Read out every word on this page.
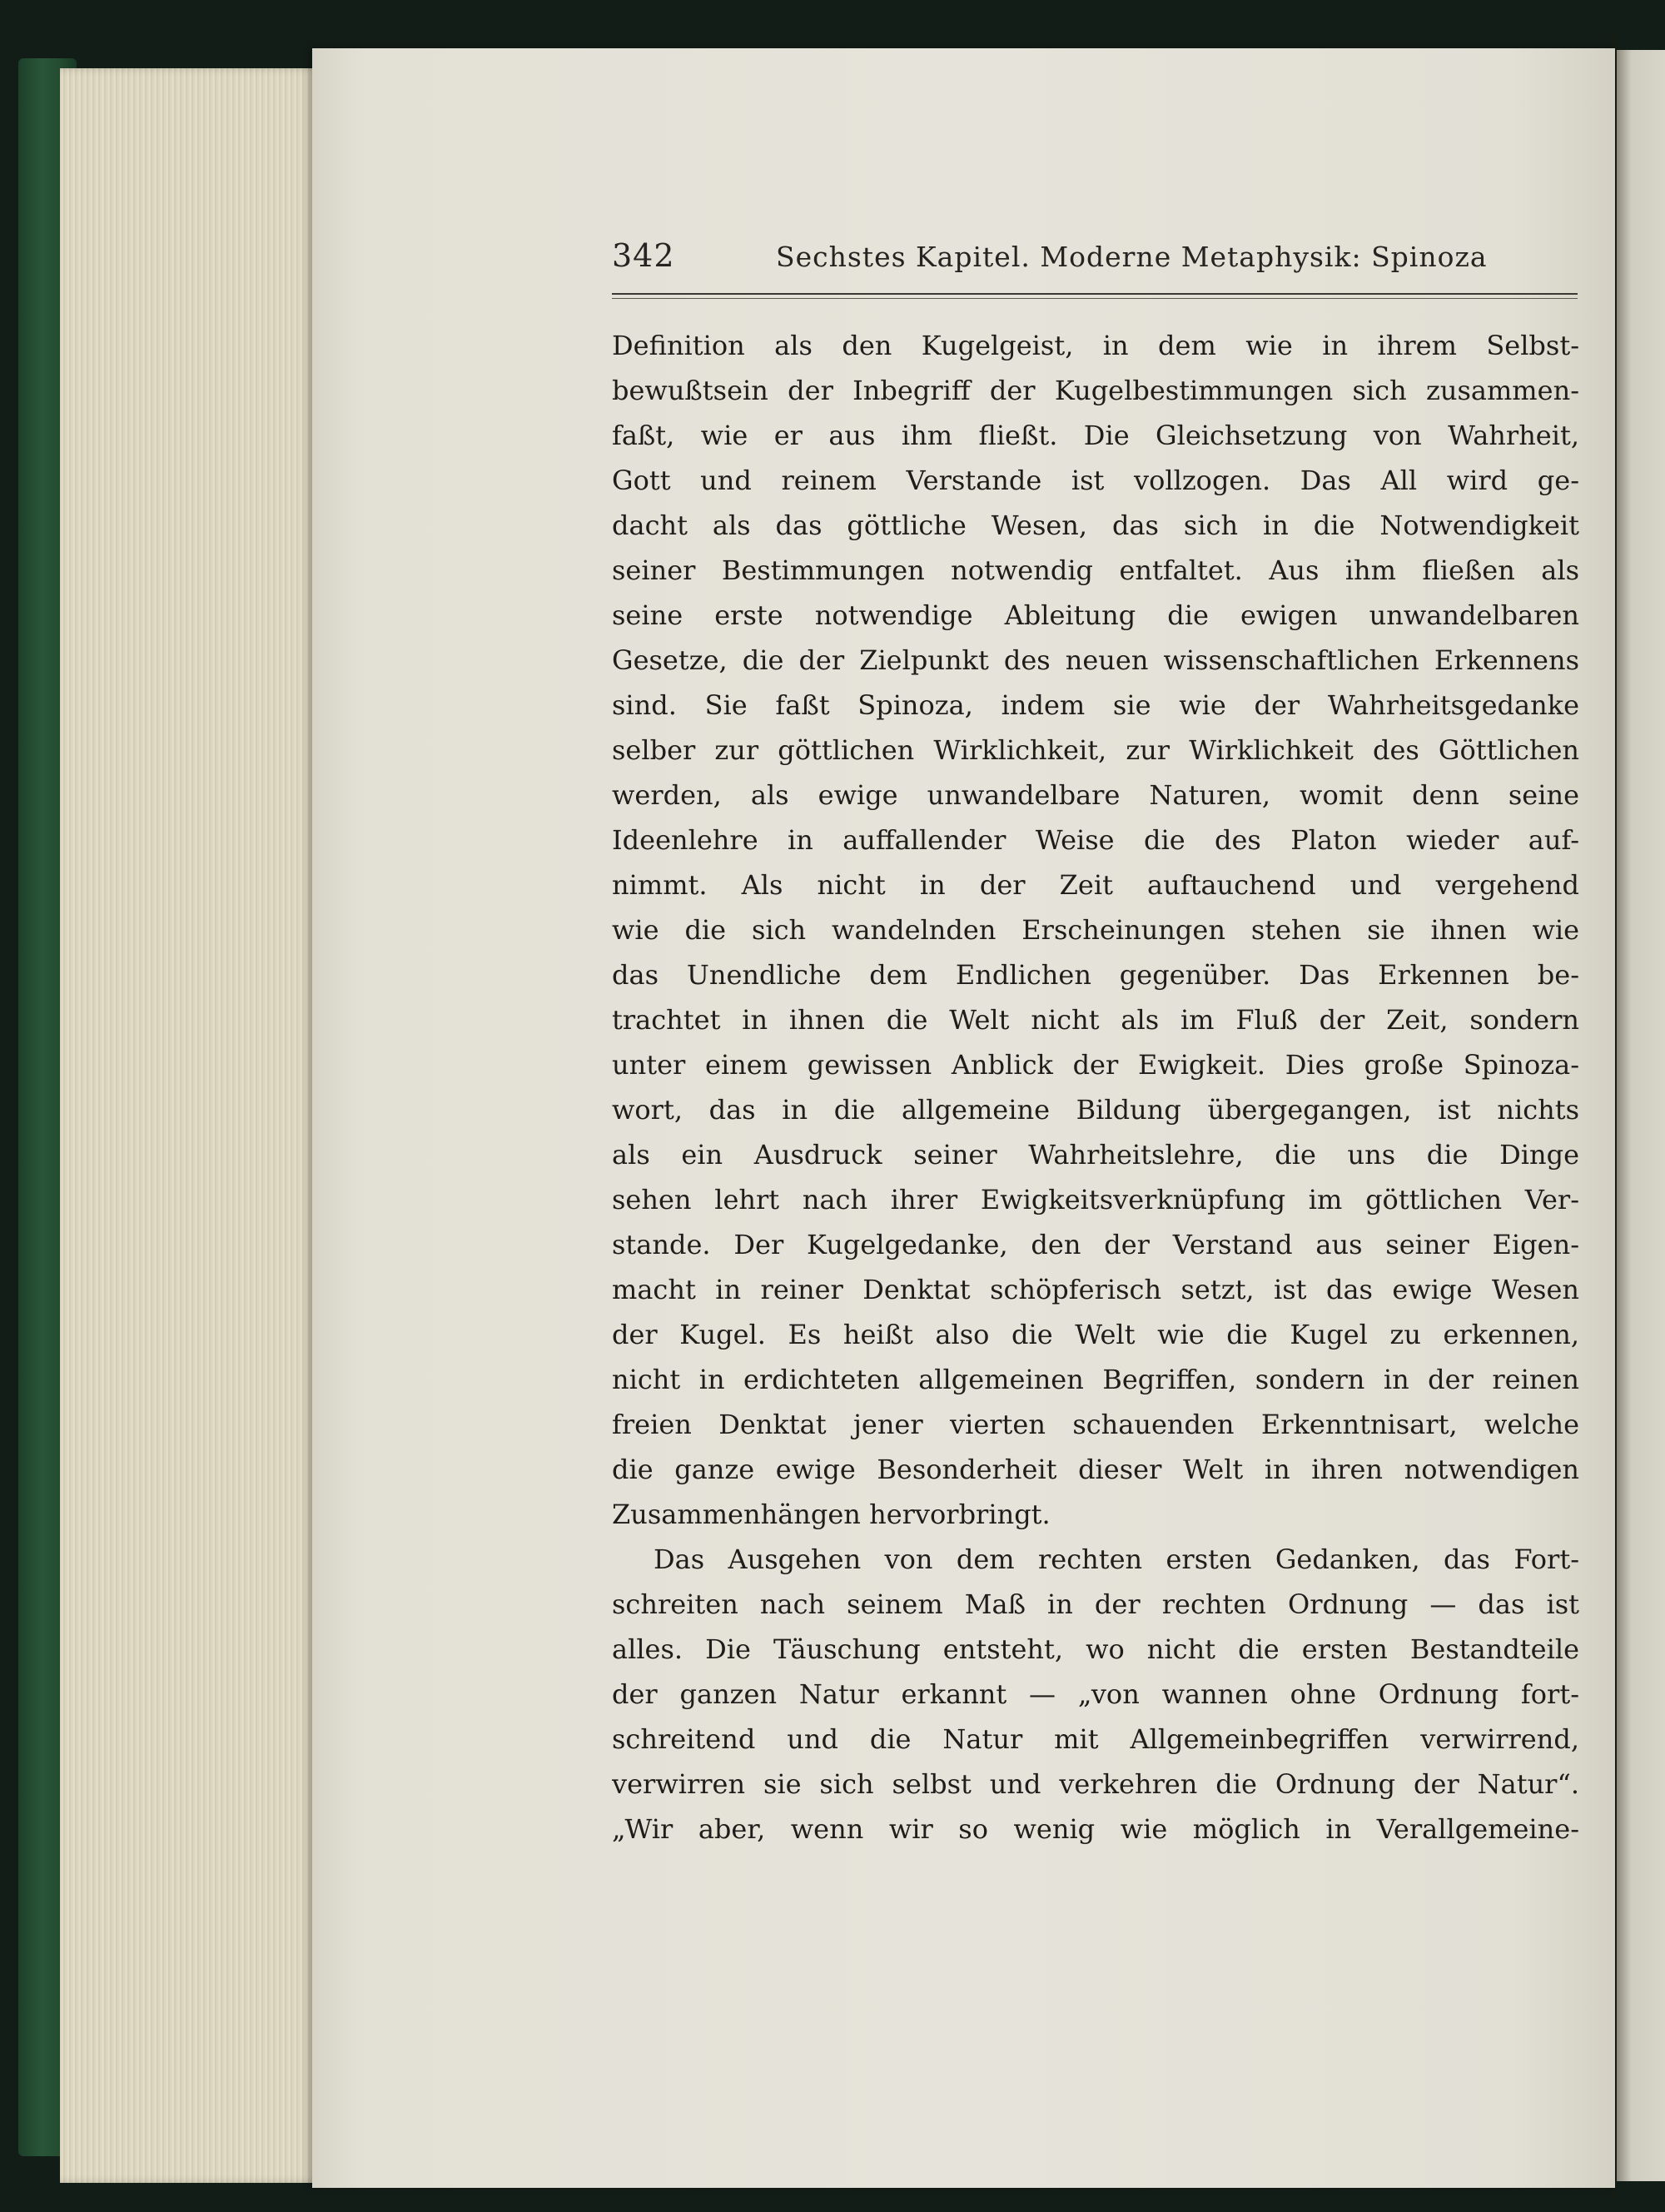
342	Sechstes Kapitel. Moderne Metaphysik: Spinoza
Definition als den Kugelgeist, in dem wie in ihrem Selbst-
bewußtsein der Inbegriff der Kugelbestimmungen sich zusammen-
faßt, wie er aus ihm fließt. Die Gleichsetzung von Wahrheit,
Gott und reinem Verstande ist vollzogen. Das All wird ge-
dacht als das göttliche Wesen, das sich in die Notwendigkeit
seiner Bestimmungen notwendig entfaltet. Aus ihm fließen als
seine erste notwendige Ableitung die ewigen unwandelbaren
Gesetze, die der Zielpunkt des neuen wissenschaftlichen Erkennens
sind. Sie faßt Spinoza, indem sie wie der Wahrheitsgedanke
selber zur göttlichen Wirklichkeit, zur Wirklichkeit des Göttlichen
werden, als ewige unwandelbare Naturen, womit denn seine
Ideenlehre in auffallender Weise die des Platon wieder auf-
nimmt. Als nicht in der Zeit auftauchend und vergehend
wie die sich wandelnden Erscheinungen stehen sie ihnen wie
das Unendliche dem Endlichen gegenüber. Das Erkennen be-
trachtet in ihnen die Welt nicht als im Fluß der Zeit, sondern
unter einem gewissen Anblick der Ewigkeit. Dies große Spinoza-
wort, das in die allgemeine Bildung übergegangen, ist nichts
als ein Ausdruck seiner Wahrheitslehre, die uns die Dinge
sehen lehrt nach ihrer Ewigkeitsverknüpfung im göttlichen Ver-
stande. Der Kugelgedanke, den der Verstand aus seiner Eigen-
macht in reiner Denktat schöpferisch setzt, ist das ewige Wesen
der Kugel. Es heißt also die Welt wie die Kugel zu erkennen,
nicht in erdichteten allgemeinen Begriffen, sondern in der reinen
freien Denktat jener vierten schauenden Erkenntnisart, welche
die ganze ewige Besonderheit dieser Welt in ihren notwendigen
Zusammenhängen hervorbringt.
Das Ausgehen von dem rechten ersten Gedanken, das Fort-
schreiten nach seinem Maß in der rechten Ordnung — das ist
alles. Die Täuschung entsteht, wo nicht die ersten Bestandteile
der ganzen Natur erkannt — „von wannen ohne Ordnung fort-
schreitend und die Natur mit Allgemeinbegriffen verwirrend,
verwirren sie sich selbst und verkehren die Ordnung der Natur“.
„Wir aber, wenn wir so wenig wie möglich in Verallgemeine-
